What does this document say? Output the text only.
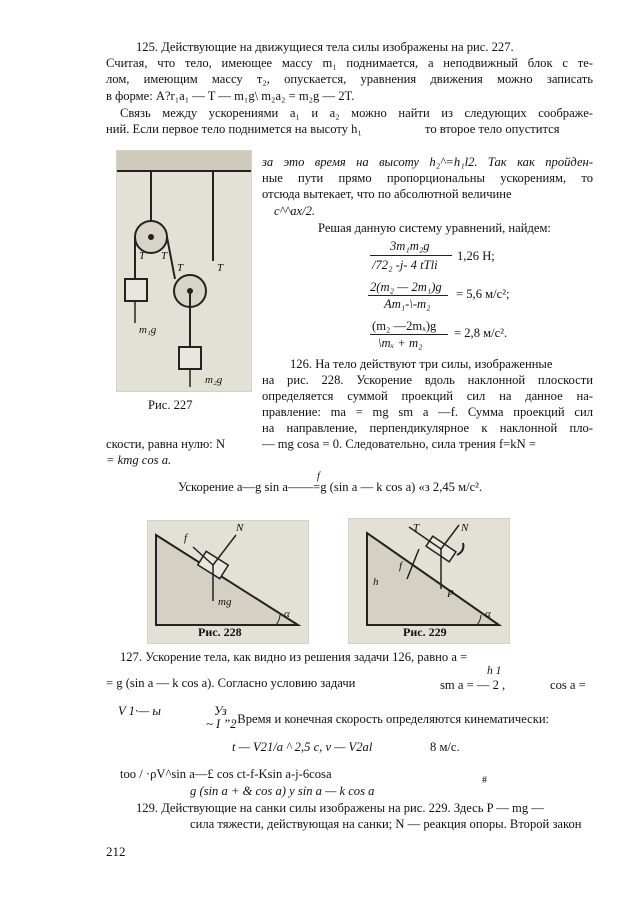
125. Действующие на движущиеся тела силы изображены на рис. 227.
Считая, что тело, имеющее массу m₁ поднимается, а неподвижный блок с те-
лом, имеющим массу т₂, опускается, уравнения движения можно записать
в форме: A?r₁a₁ — T — m₁g\ m₂a₂ = m₂g — 2T.
Связь между ускорениями a₁ и a₂ можно найти из следующих соображе-
ний. Если первое тело поднимется на высоту h₁	то второе тело опустится
T T
T	T
m₁g
m₂g
Рис. 227
за это время на высоту h₂^=h₁l2. Так как пройден-
ные пути прямо пропорциональны ускорениям, то
отсюда вытекает, что по абсолютной величине
c^^ax/2.
Решая данную систему уравнений, найдем:
3m₁m₂g
/72₂ -j- 4 tTli
1,26 H;
2(m₂ — 2m₁)g
Am₁-\-m₂
= 5,6 м/с²;
(m₂ —2mₓ)g
\mₓ + m₂
= 2,8 м/с².
126. На тело действуют три силы, изображенные
на рис. 228. Ускорение вдоль наклонной плоскости
определяется суммой проекций сил на данное на-
правление: ma = mg sm a —f. Сумма проекций сил
на направление, перпендикулярное к наклонной пло-
скости, равна нулю: N	— mg cosa = 0. Следовательно, сила трения f=kN =
= kmg cos a.
f
Ускорение a—g sin a——=g (sin a — k cos a) «з 2,45 м/с².
f
N
mg
α
Рис. 228
T	N
f
h
P
α
Рис. 229
127. Ускорение тела, как видно из решения задачи 126, равно a =
h 1
= g (sin a — k cos a). Согласно условию задачи	sm a = — 2 ,	cos a =
V 1·— ы	Уз
~ I ”2
. Время и конечная скорость определяются кинематически:
t — V21/a ^ 2,5 с, v — V2al	8 м/с.
too / ·ρV^sin a—£ cos ct-f-Ksin a-j-6cosa	#
g (sin a + & cos a) y sin a — k cos a
129. Действующие на санки силы изображены на рис. 229. Здесь P — mg —
сила тяжести, действующая на санки; N — реакция опоры. Второй закон
212
